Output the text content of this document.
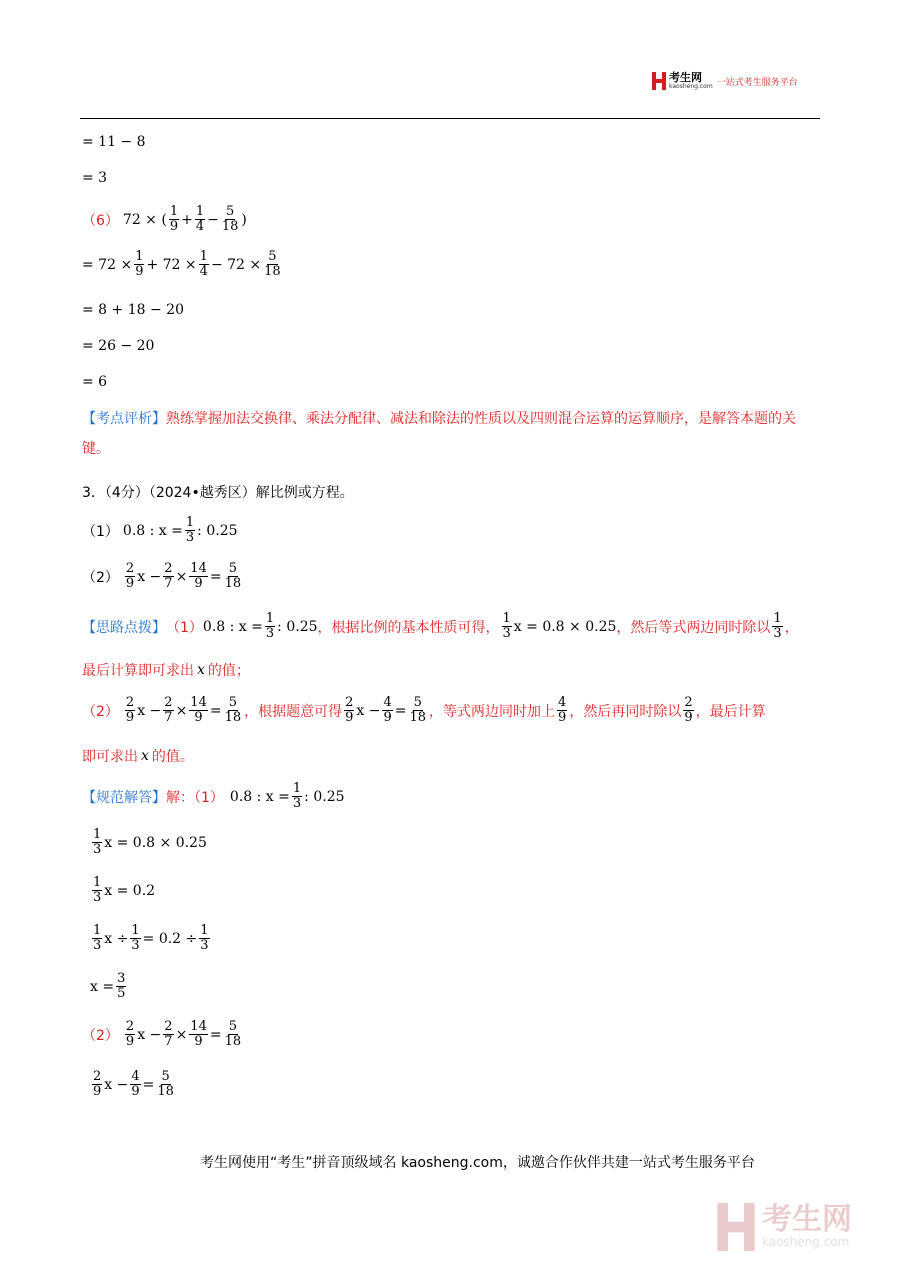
考生网
kaosheng.com 一站式考生服务平台
= 11 − 8
= 3
（6） 72 × ( $\frac{1}{9} + \frac{1}{4} - \frac{5}{18}$ )
= $72 \times \frac{1}{9} + 72 \times \frac{1}{4} - 72 \times \frac{5}{18}$
= 8 + 18 − 20
= 26 − 20
= 6
【考点评析】熟练掌握加法交换律、乘法分配律、减法和除法的性质以及四则混合运算的运算顺序，是解答本题的关键。
3．（4分）（2024•越秀区）解比例或方程。
（1） 0.8 : $x = \frac{1}{3}$ : 0.25
$(2) \frac{2}{9}$ $x - \frac{2}{7} \times \frac{14}{9} = \frac{5}{18}$
【思路点拨】 （1） 0.8 : $x = \frac{1}{3}$ : 0.25 ，根据比例的基本性质可得， $\frac{1}{3}$ x = 0.8 × 0.25 ，然后等式两边同时除以 $\frac{1}{3}$ ，
最后计算即可求出 x 的值；
$(2) \frac{2}{9}$ $x - \frac{2}{7} \times \frac{14}{9} = \frac{5}{18}$ ，根据题意可得 $\frac{2}{9}$ $x - \frac{4}{9} = \frac{5}{18}$ ，等式两边同时加上 $\frac{4}{9}$ ，然后再同时除以 $\frac{2}{9}$ ，最后计算
即可求出 x 的值。
【规范解答】 解：（1） 0.8 : $x = \frac{1}{3}$ : 0.25
$\frac{1}{3}$ x = 0.8 × 0.25
$\frac{1}{3}$ x = 0.2
$\frac{1}{3}$ $x \div \frac{1}{3} = 0.2 \div \frac{1}{3}$
$x = \frac{3}{5}$
$(2) \frac{2}{9}$ $x - \frac{2}{7} \times \frac{14}{9} = \frac{5}{18}$
$\frac{2}{9}$ $x - \frac{4}{9} = \frac{5}{18}$
考生网使用“考生”拼音顶级域名 kaosheng.com，诚邀合作伙伴共建一站式考生服务平台
考生网
kaosheng.com
